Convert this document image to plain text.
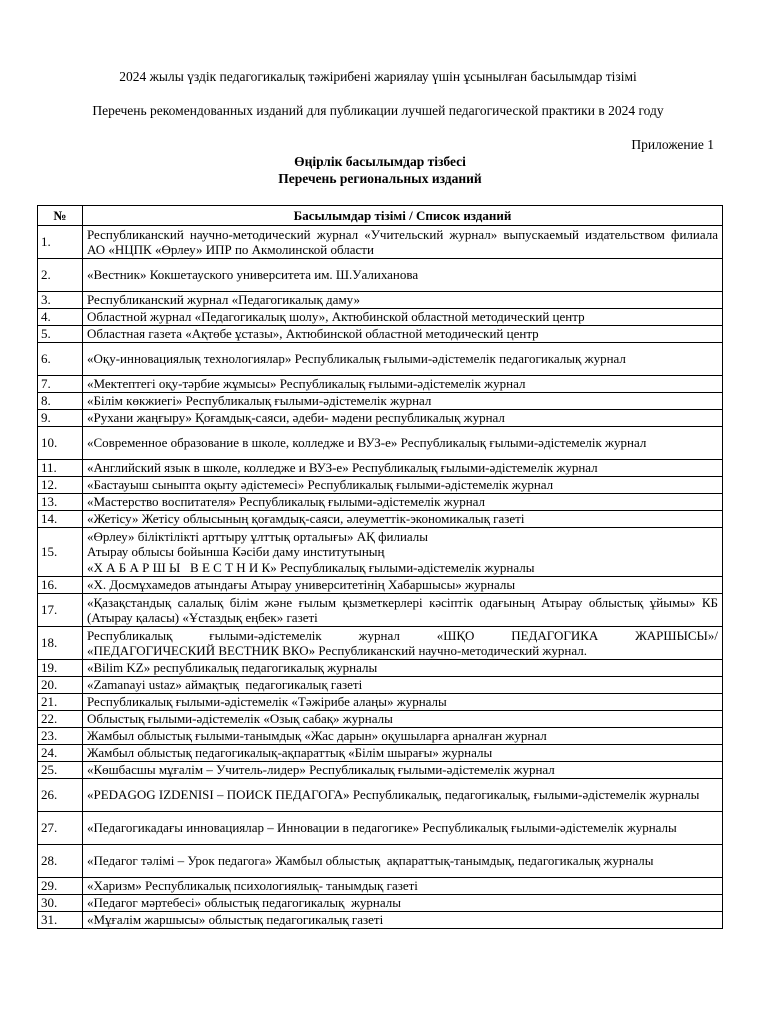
2024 жылы үздік педагогикалық тәжірибені жариялау үшін ұсынылған басылымдар тізімі
Перечень рекомендованных изданий для публикации лучшей педагогической практики в 2024 году
Приложение 1
Өңірлік басылымдар тізбесі
Перечень региональных изданий
№	Басылымдар тізімі / Список изданий
1.	Республиканский научно-методический журнал «Учительский журнал» выпускаемый издательством филиала АО «НЦПК «Өрлеу» ИПР по Акмолинской области
2.	«Вестник» Кокшетауского университета им. Ш.Уалиханова
3.	Республиканский журнал «Педагогикалық даму»
4.	Областной журнал «Педагогикалық шолу», Актюбинской областной методический центр
5.	Областная газета «Ақтөбе ұстазы», Актюбинской областной методический центр
6.	«Оқу-инновациялық технологиялар» Республикалық ғылыми-әдістемелік педагогикалық журнал
7.	«Мектептегі оқу-тәрбие жұмысы» Республикалық ғылыми-әдістемелік журнал
8.	«Білім көкжиегі» Республикалық ғылыми-әдістемелік журнал
9.	«Рухани жаңғыру» Қоғамдық-саяси, әдеби- мәдени республикалық журнал
10.	«Современное образование в школе, колледже и ВУЗ-е» Республикалық ғылыми-әдістемелік журнал
11.	«Английский язык в школе, колледже и ВУЗ-е» Республикалық ғылыми-әдістемелік журнал
12.	«Бастауыш сыныпта оқыту әдістемесі» Республикалық ғылыми-әдістемелік журнал
13.	«Мастерство воспитателя» Республикалық ғылыми-әдістемелік журнал
14.	«Жетісу» Жетісу облысының қоғамдық-саяси, әлеуметтік-экономикалық газеті
15.	«Өрлеу» біліктілікті арттыру ұлттық орталығы» АҚ филиалы
Атырау облысы бойынша Кәсіби даму институтының
«Х А Б А Р Ш Ы   В Е С Т Н И К» Республикалық ғылыми-әдістемелік журналы

16.	«Х. Досмұхамедов атындағы Атырау университетінің Хабаршысы» журналы
17.	«Қазақстандық салалық білім және ғылым қызметкерлері кәсіптік одағының Атырау облыстық ұйымы» КБ (Атырау қаласы) «Ұстаздық еңбек» газеті
18.	Республикалық ғылыми-әдістемелік журнал «ШҚО ПЕДАГОГИКА ЖАРШЫСЫ»/
«ПЕДАГОГИЧЕСКИЙ ВЕСТНИК ВКО» Республиканский научно-методический журнал.

19.	«Bilim KZ» республикалық педагогикалық журналы
20.	«Zamanayi ustaz» аймақтық  педагогикалық газеті
21.	Республикалық ғылыми-әдістемелік «Тәжірибе алаңы» журналы
22.	Облыстық ғылыми-әдістемелік «Озық сабақ» журналы
23.	Жамбыл облыстық ғылыми-танымдық «Жас дарын» оқушыларға арналған журнал
24.	Жамбыл облыстық педагогикалық-ақпараттық «Білім шырағы» журналы
25.	«Көшбасшы мұғалім – Учитель-лидер» Республикалық ғылыми-әдістемелік журнал
26.	«PEDAGOG IZDENISI – ПОИСК ПЕДАГОГА» Республикалық, педагогикалық, ғылыми-әдістемелік журналы
27.	«Педагогикадағы инновациялар – Инновации в педагогике» Республикалық ғылыми-әдістемелік журналы
28.	«Педагог тәлімі – Урок педагога» Жамбыл облыстық  ақпараттық-танымдық, педагогикалық журналы
29.	«Харизм» Республикалық психологиялық- танымдық газеті
30.	«Педагог мәртебесі» облыстық педагогикалық  журналы
31.	«Мұғалім жаршысы» облыстық педагогикалық газеті
